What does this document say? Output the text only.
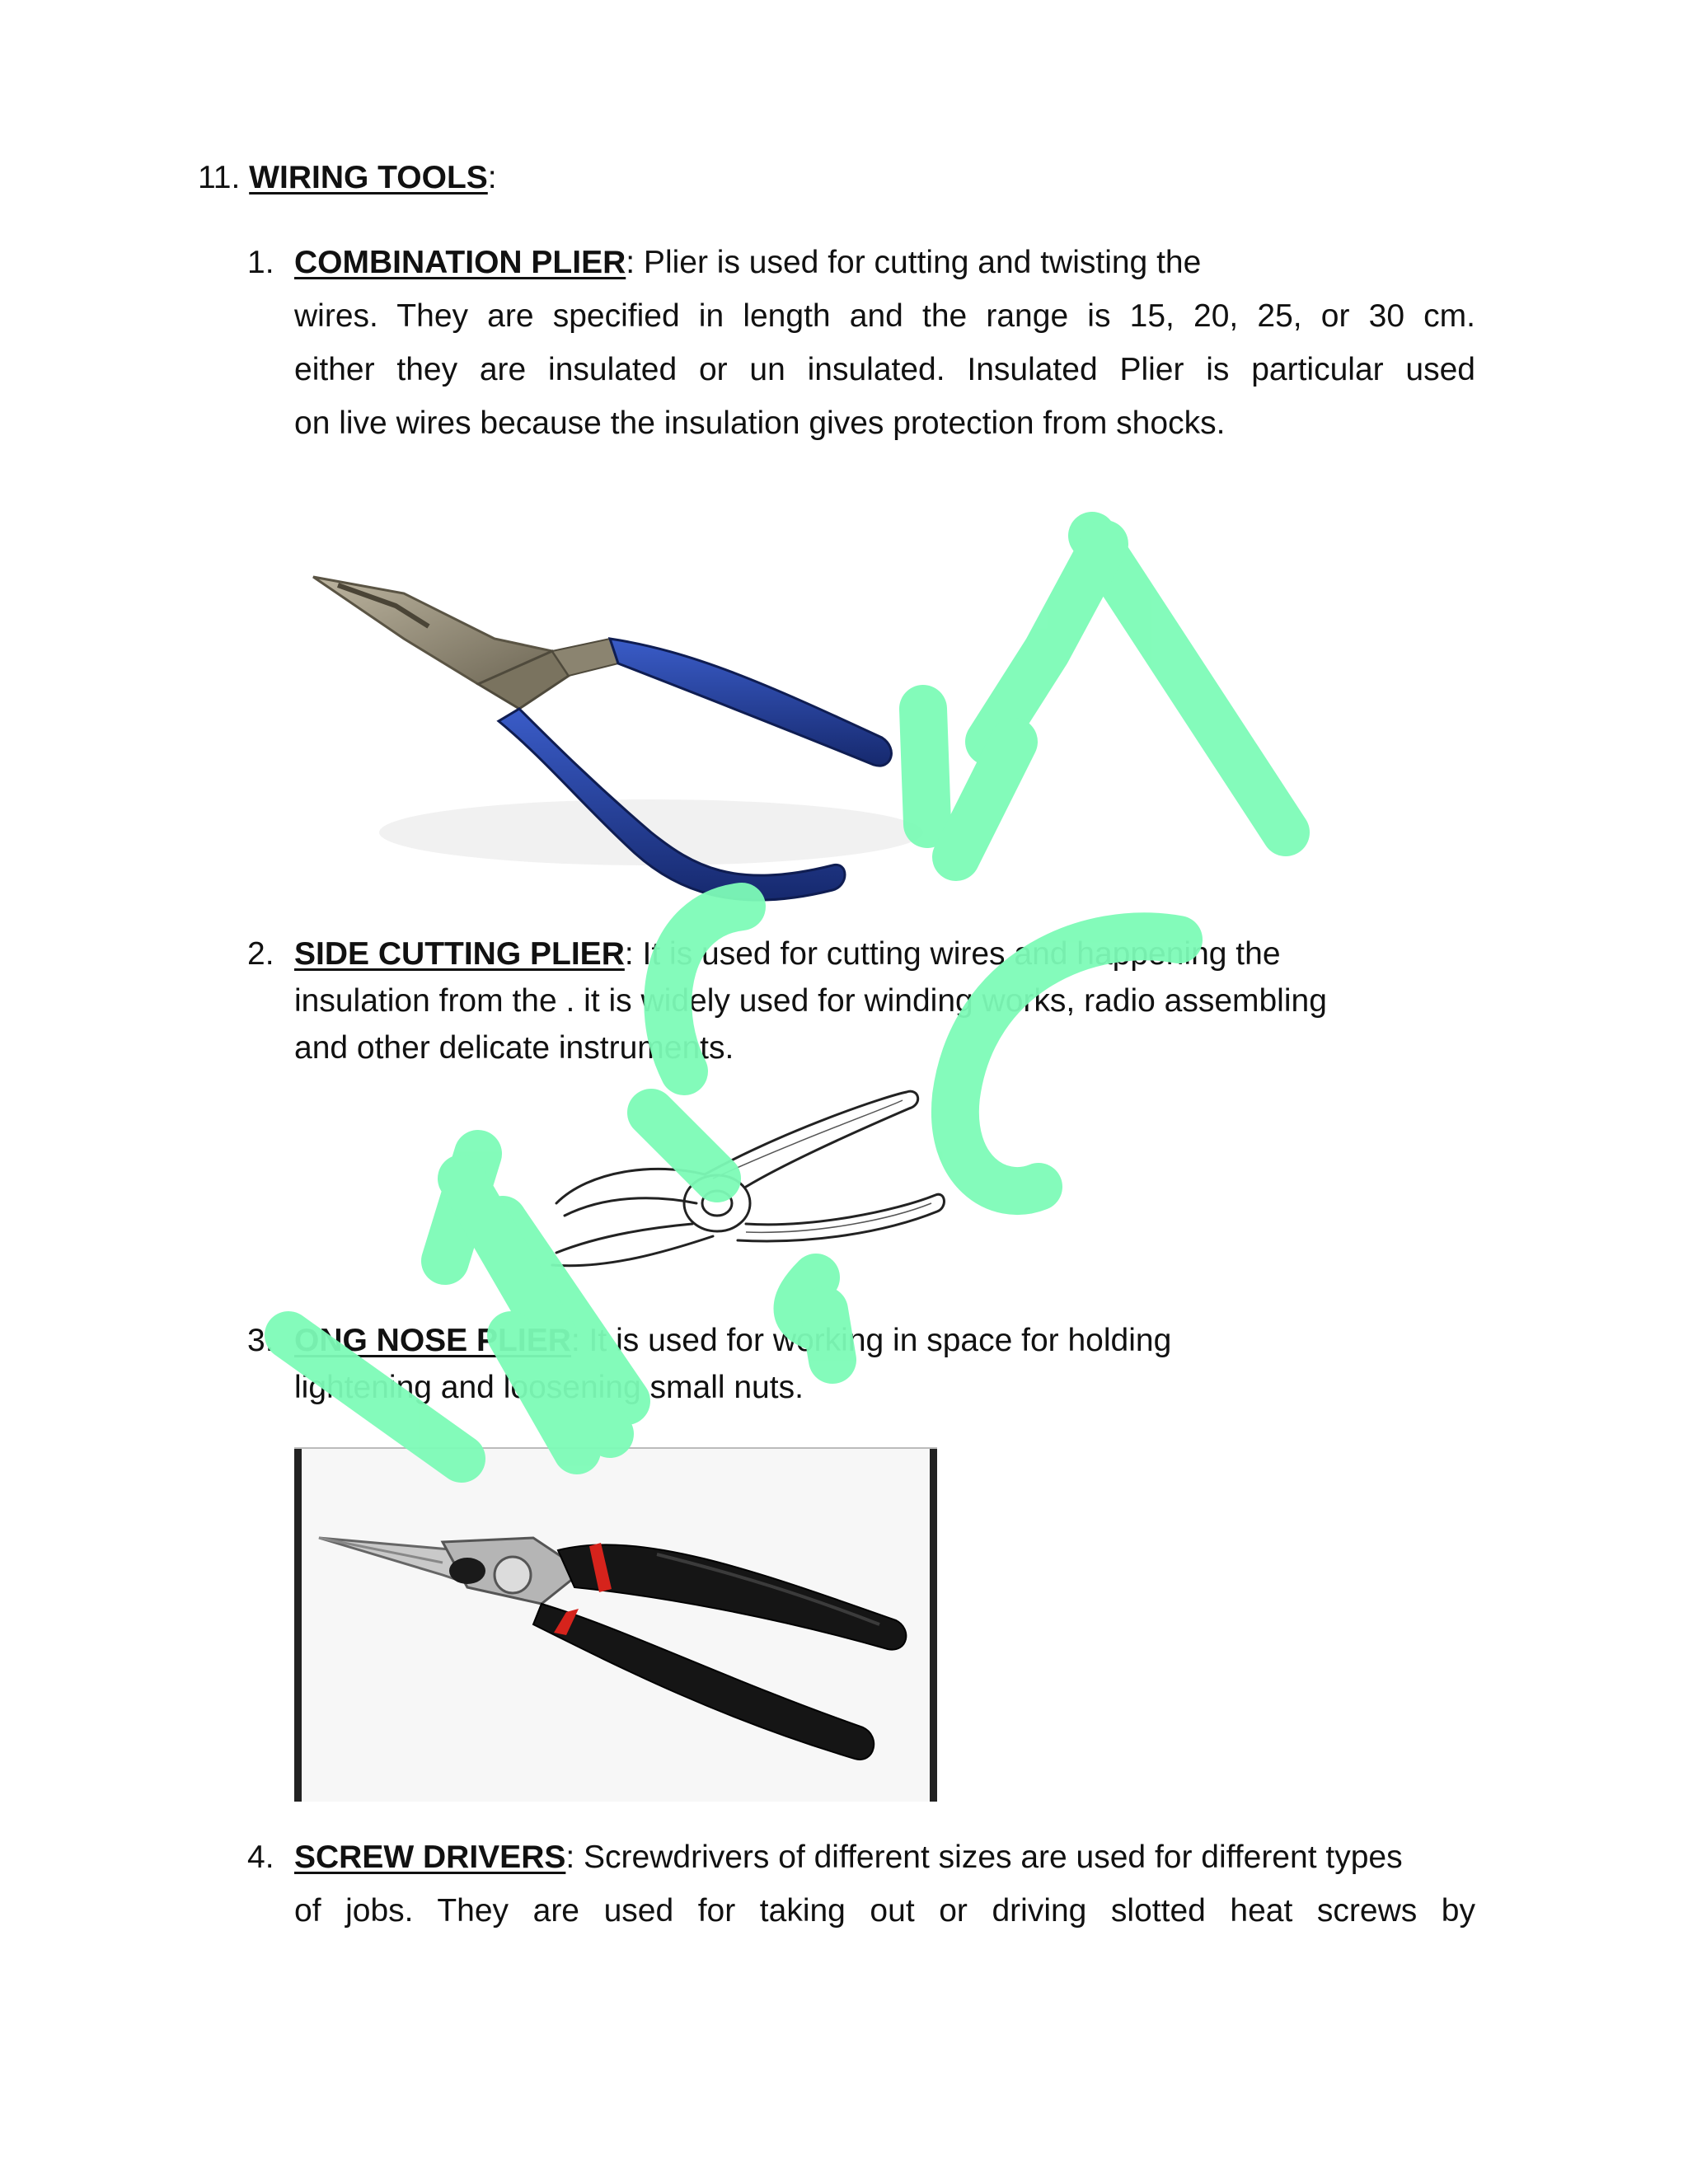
11. WIRING TOOLS:
1. COMBINATION PLIER: Plier is used for cutting and twisting the
wires. They are specified in length and the range is 15, 20, 25, or 30 cm.
either they are insulated or un insulated. Insulated Plier is particular used
on live wires because the insulation gives protection from shocks.
2. SIDE CUTTING PLIER: It is used for cutting wires and happening the
insulation from the . it is widely used for winding works, radio assembling
and other delicate instruments.
3. ONG NOSE PLIER: It is used for working in space for holding
lightening and loosening small nuts.
4. SCREW DRIVERS: Screwdrivers of different sizes are used for different types
of jobs. They are used for taking out or driving slotted heat screws by
